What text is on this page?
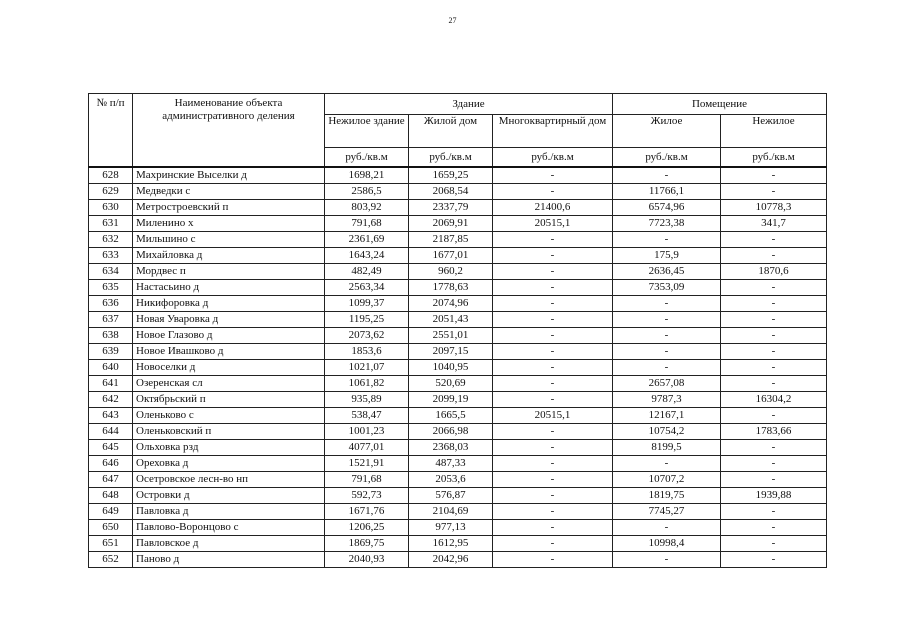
27
№ п/п	Наименование объекта административного деления	Здание			Помещение	
		Нежилое здание	Жилой дом	Многоквартирный дом	Жилое	Нежилое
		руб./кв.м	руб./кв.м	руб./кв.м	руб./кв.м	руб./кв.м
628	Махринские Выселки д	1698,21	1659,25	-	-	-
629	Медведки с	2586,5	2068,54	-	11766,1	-
630	Метростроевский п	803,92	2337,79	21400,6	6574,96	10778,3
631	Миленино х	791,68	2069,91	20515,1	7723,38	341,7
632	Мильшино с	2361,69	2187,85	-	-	-
633	Михайловка д	1643,24	1677,01	-	175,9	-
634	Мордвес п	482,49	960,2	-	2636,45	1870,6
635	Настасьино д	2563,34	1778,63	-	7353,09	-
636	Никифоровка д	1099,37	2074,96	-	-	-
637	Новая Уваровка д	1195,25	2051,43	-	-	-
638	Новое Глазово д	2073,62	2551,01	-	-	-
639	Новое Ивашково д	1853,6	2097,15	-	-	-
640	Новоселки д	1021,07	1040,95	-	-	-
641	Озеренская сл	1061,82	520,69	-	2657,08	-
642	Октябрьский п	935,89	2099,19	-	9787,3	16304,2
643	Оленьково с	538,47	1665,5	20515,1	12167,1	-
644	Оленьковский п	1001,23	2066,98	-	10754,2	1783,66
645	Ольховка рзд	4077,01	2368,03	-	8199,5	-
646	Ореховка д	1521,91	487,33	-	-	-
647	Осетровское лесн-во нп	791,68	2053,6	-	10707,2	-
648	Островки д	592,73	576,87	-	1819,75	1939,88
649	Павловка д	1671,76	2104,69	-	7745,27	-
650	Павлово-Воронцово с	1206,25	977,13	-	-	-
651	Павловское д	1869,75	1612,95	-	10998,4	-
652	Паново д	2040,93	2042,96	-	-	-
